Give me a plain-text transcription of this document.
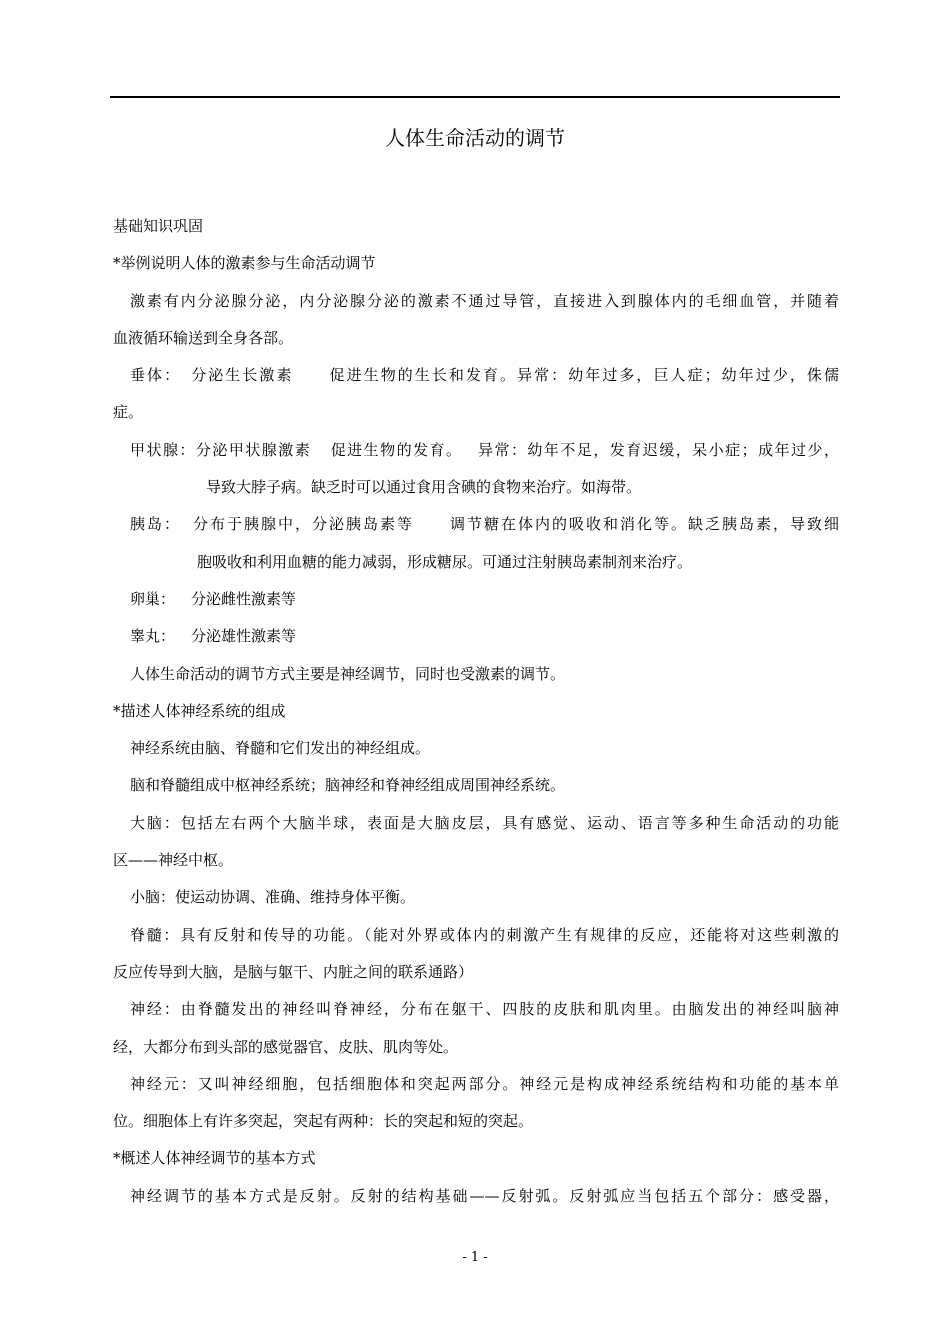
人体生命活动的调节

基础知识巩固

*举例说明人体的激素参与生命活动调节

激素有内分泌腺分泌，内分泌腺分泌的激素不通过导管，直接进入到腺体内的毛细血管，并随着

血液循环输送到全身各部。

垂体： 分泌生长激素 促进生物的生长和发育。异常：幼年过多，巨人症；幼年过少，侏儒

症。

甲状腺：分泌甲状腺激素 促进生物的发育。 异常：幼年不足，发育迟缓，呆小症；成年过少，

导致大脖子病。缺乏时可以通过食用含碘的食物来治疗。如海带。

胰岛： 分布于胰腺中，分泌胰岛素等 调节糖在体内的吸收和消化等。缺乏胰岛素，导致细

胞吸收和利用血糖的能力减弱，形成糖尿。可通过注射胰岛素制剂来治疗。

卵巢： 分泌雌性激素等

睾丸： 分泌雄性激素等

人体生命活动的调节方式主要是神经调节，同时也受激素的调节。

*描述人体神经系统的组成

神经系统由脑、脊髓和它们发出的神经组成。

脑和脊髓组成中枢神经系统；脑神经和脊神经组成周围神经系统。

大脑：包括左右两个大脑半球，表面是大脑皮层，具有感觉、运动、语言等多种生命活动的功能

区——神经中枢。

小脑：使运动协调、准确、维持身体平衡。

脊髓：具有反射和传导的功能。（能对外界或体内的刺激产生有规律的反应，还能将对这些刺激的

反应传导到大脑，是脑与躯干、内脏之间的联系通路）

神经：由脊髓发出的神经叫脊神经，分布在躯干、四肢的皮肤和肌肉里。由脑发出的神经叫脑神

经，大都分布到头部的感觉器官、皮肤、肌肉等处。

神经元：又叫神经细胞，包括细胞体和突起两部分。神经元是构成神经系统结构和功能的基本单

位。细胞体上有许多突起，突起有两种：长的突起和短的突起。

*概述人体神经调节的基本方式

神经调节的基本方式是反射。反射的结构基础——反射弧。反射弧应当包括五个部分：感受器，

- 1 -
